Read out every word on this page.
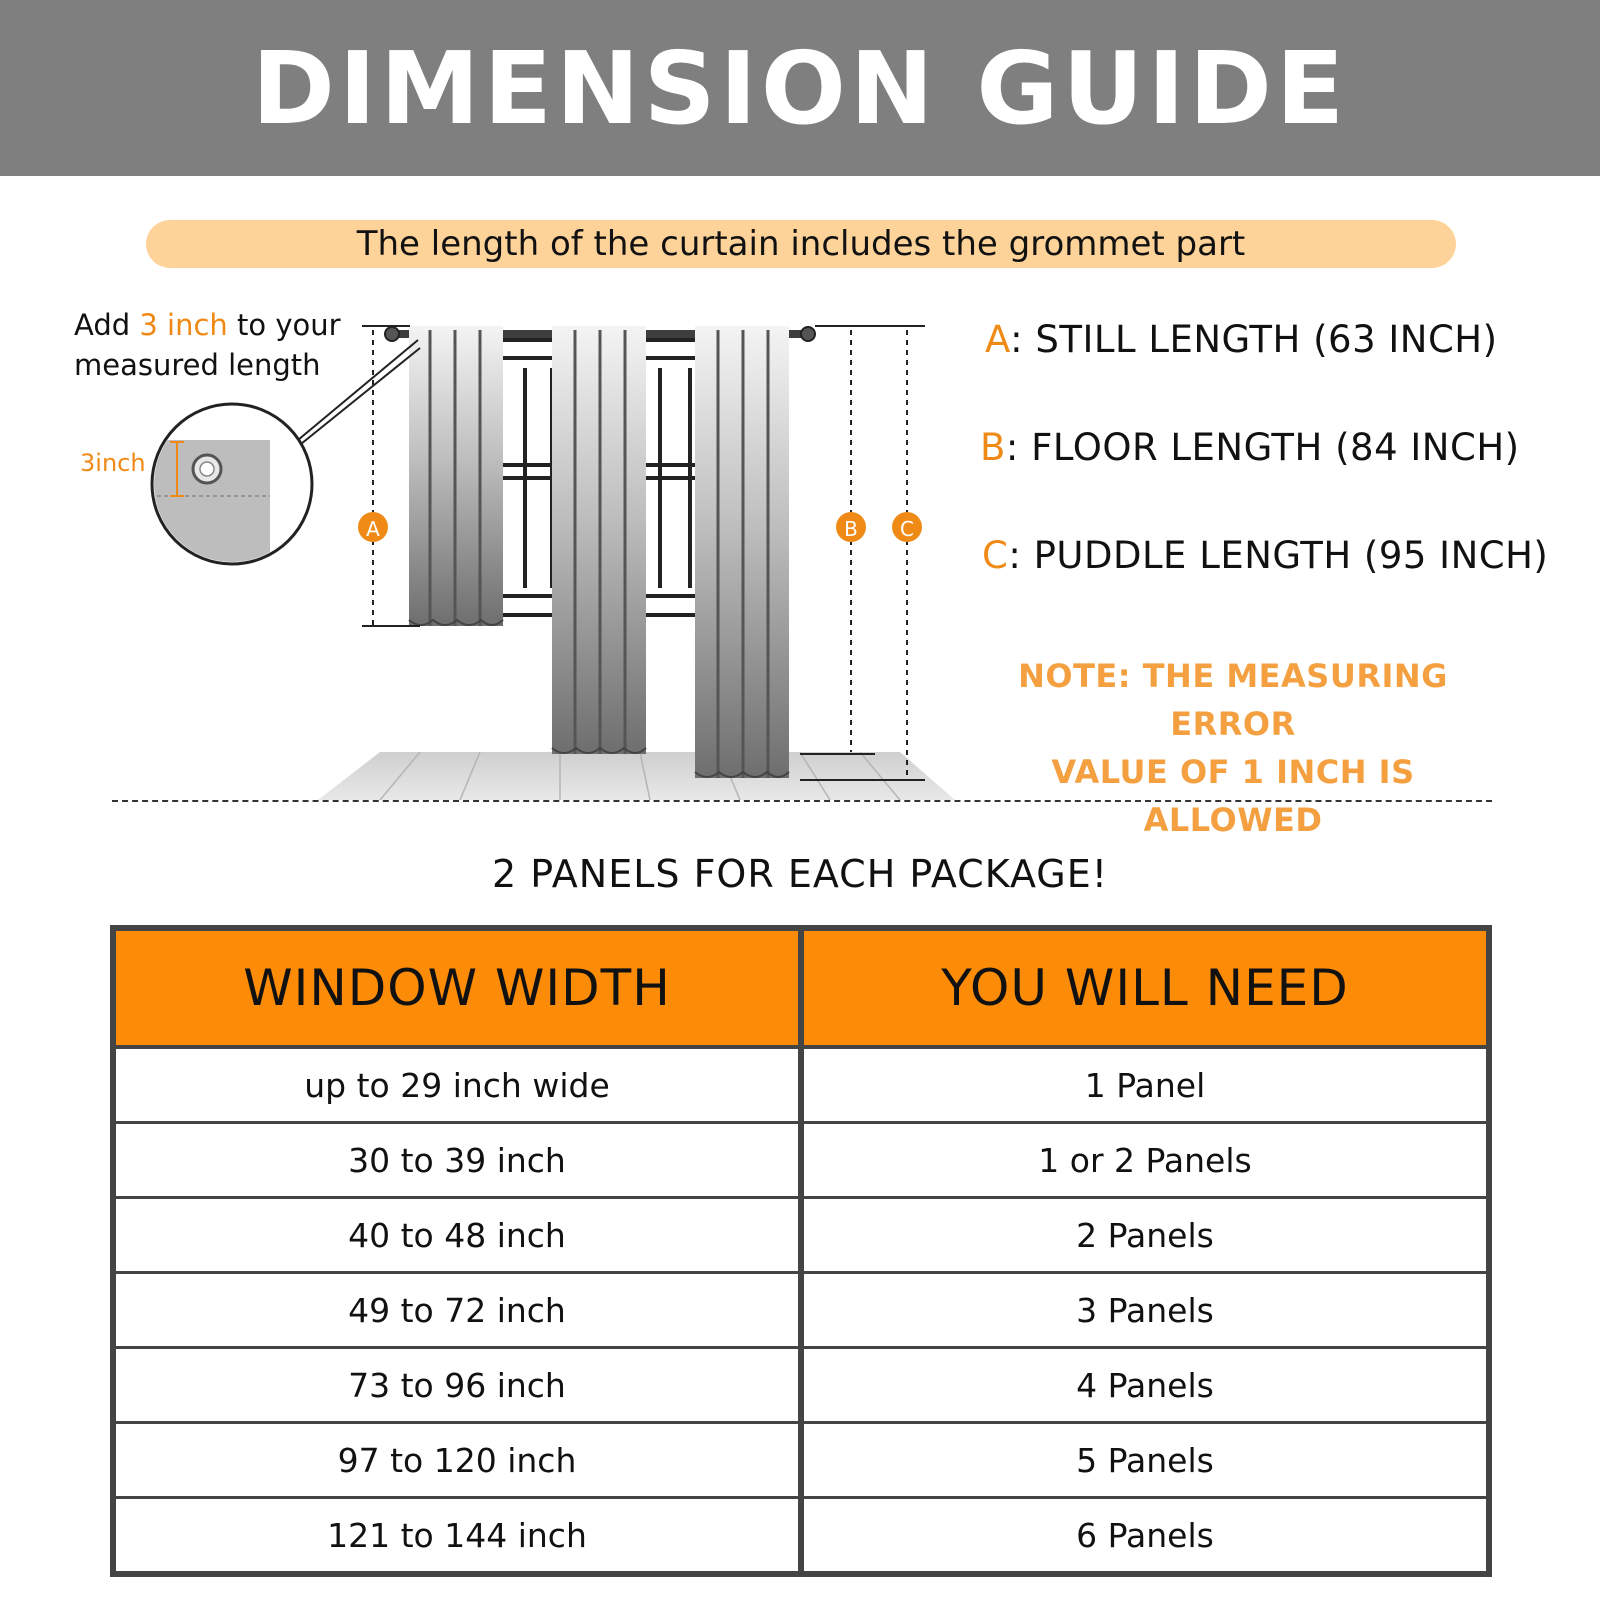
DIMENSION GUIDE
The length of the curtain includes the grommet part
A	B C
Add 3 inch to your measured length
3inch
A: STILL LENGTH (63 INCH)
B: FLOOR LENGTH (84 INCH)
C: PUDDLE LENGTH (95 INCH)
NOTE: THE MEASURING ERROR
VALUE OF 1 INCH IS ALLOWED
2 PANELS FOR EACH PACKAGE!
WINDOW WIDTH	YOU WILL NEED
up to 29 inch wide	1 Panel
30 to 39 inch	1 or 2 Panels
40 to 48 inch	2 Panels
49 to 72 inch	3 Panels
73 to 96 inch	4 Panels
97 to 120 inch	5 Panels
121 to 144 inch	6 Panels
